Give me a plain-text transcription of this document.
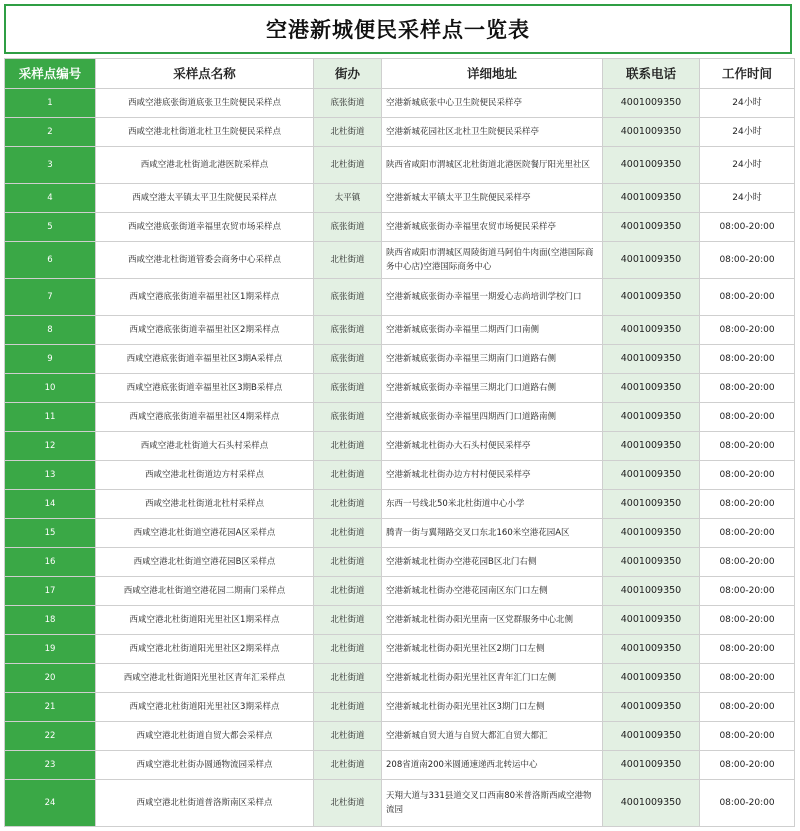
空港新城便民采样点一览表
采样点编号	采样点名称	街办	详细地址	联系电话	工作时间
1	西咸空港底张街道底张卫生院便民采样点	底张街道	空港新城底张中心卫生院便民采样亭	4001009350	24小时
2	西咸空港北杜街道北杜卫生院便民采样点	北杜街道	空港新城花园社区北杜卫生院便民采样亭	4001009350	24小时
3	西咸空港北杜街道北港医院采样点	北杜街道	陕西省咸阳市渭城区北杜街道北港医院餐厅阳光里社区	4001009350	24小时
4	西咸空港太平镇太平卫生院便民采样点	太平镇	空港新城太平镇太平卫生院便民采样亭	4001009350	24小时
5	西咸空港底张街道幸福里农贸市场采样点	底张街道	空港新城底张街办幸福里农贸市场便民采样亭	4001009350	08:00-20:00
6	西咸空港北杜街道管委会商务中心采样点	北杜街道	陕西省咸阳市渭城区周陵街道马阿伯牛肉面(空港国际商务中心店)空港国际商务中心	4001009350	08:00-20:00
7	西咸空港底张街道幸福里社区1期采样点	底张街道	空港新城底张街办幸福里一期爱心志尚培训学校门口	4001009350	08:00-20:00
8	西咸空港底张街道幸福里社区2期采样点	底张街道	空港新城底张街办幸福里二期西门口南侧	4001009350	08:00-20:00
9	西咸空港底张街道幸福里社区3期A采样点	底张街道	空港新城底张街办幸福里三期南门口道路右侧	4001009350	08:00-20:00
10	西咸空港底张街道幸福里社区3期B采样点	底张街道	空港新城底张街办幸福里三期北门口道路右侧	4001009350	08:00-20:00
11	西咸空港底张街道幸福里社区4期采样点	底张街道	空港新城底张街办幸福里四期西门口道路南侧	4001009350	08:00-20:00
12	西咸空港北杜街道大石头村采样点	北杜街道	空港新城北杜街办大石头村便民采样亭	4001009350	08:00-20:00
13	西咸空港北杜街道边方村采样点	北杜街道	空港新城北杜街办边方村村便民采样亭	4001009350	08:00-20:00
14	西咸空港北杜街道北杜村采样点	北杜街道	东西一号线北50米北杜街道中心小学	4001009350	08:00-20:00
15	西咸空港北杜街道空港花园A区采样点	北杜街道	腾青一街与翼翔路交叉口东北160米空港花园A区	4001009350	08:00-20:00
16	西咸空港北杜街道空港花园B区采样点	北杜街道	空港新城北杜街办空港花园B区北门右侧	4001009350	08:00-20:00
17	西咸空港北杜街道空港花园二期南门采样点	北杜街道	空港新城北杜街办空港花园南区东门口左侧	4001009350	08:00-20:00
18	西咸空港北杜街道阳光里社区1期采样点	北杜街道	空港新城北杜街办阳光里南一区党群服务中心北侧	4001009350	08:00-20:00
19	西咸空港北杜街道阳光里社区2期采样点	北杜街道	空港新城北杜街办阳光里社区2期门口左侧	4001009350	08:00-20:00
20	西咸空港北杜街道阳光里社区青年汇采样点	北杜街道	空港新城北杜街办阳光里社区青年汇门口左侧	4001009350	08:00-20:00
21	西咸空港北杜街道阳光里社区3期采样点	北杜街道	空港新城北杜街办阳光里社区3期门口左侧	4001009350	08:00-20:00
22	西咸空港北杜街道自贸大都会采样点	北杜街道	空港新城自贸大道与自贸大都汇自贸大都汇	4001009350	08:00-20:00
23	西咸空港北杜街办圆通物流园采样点	北杜街道	208省道南200米圆通速递西北转运中心	4001009350	08:00-20:00
24	西咸空港北杜街道普洛斯南区采样点	北杜街道	天翔大道与331县道交叉口西南80米普洛斯西咸空港物流园	4001009350	08:00-20:00
